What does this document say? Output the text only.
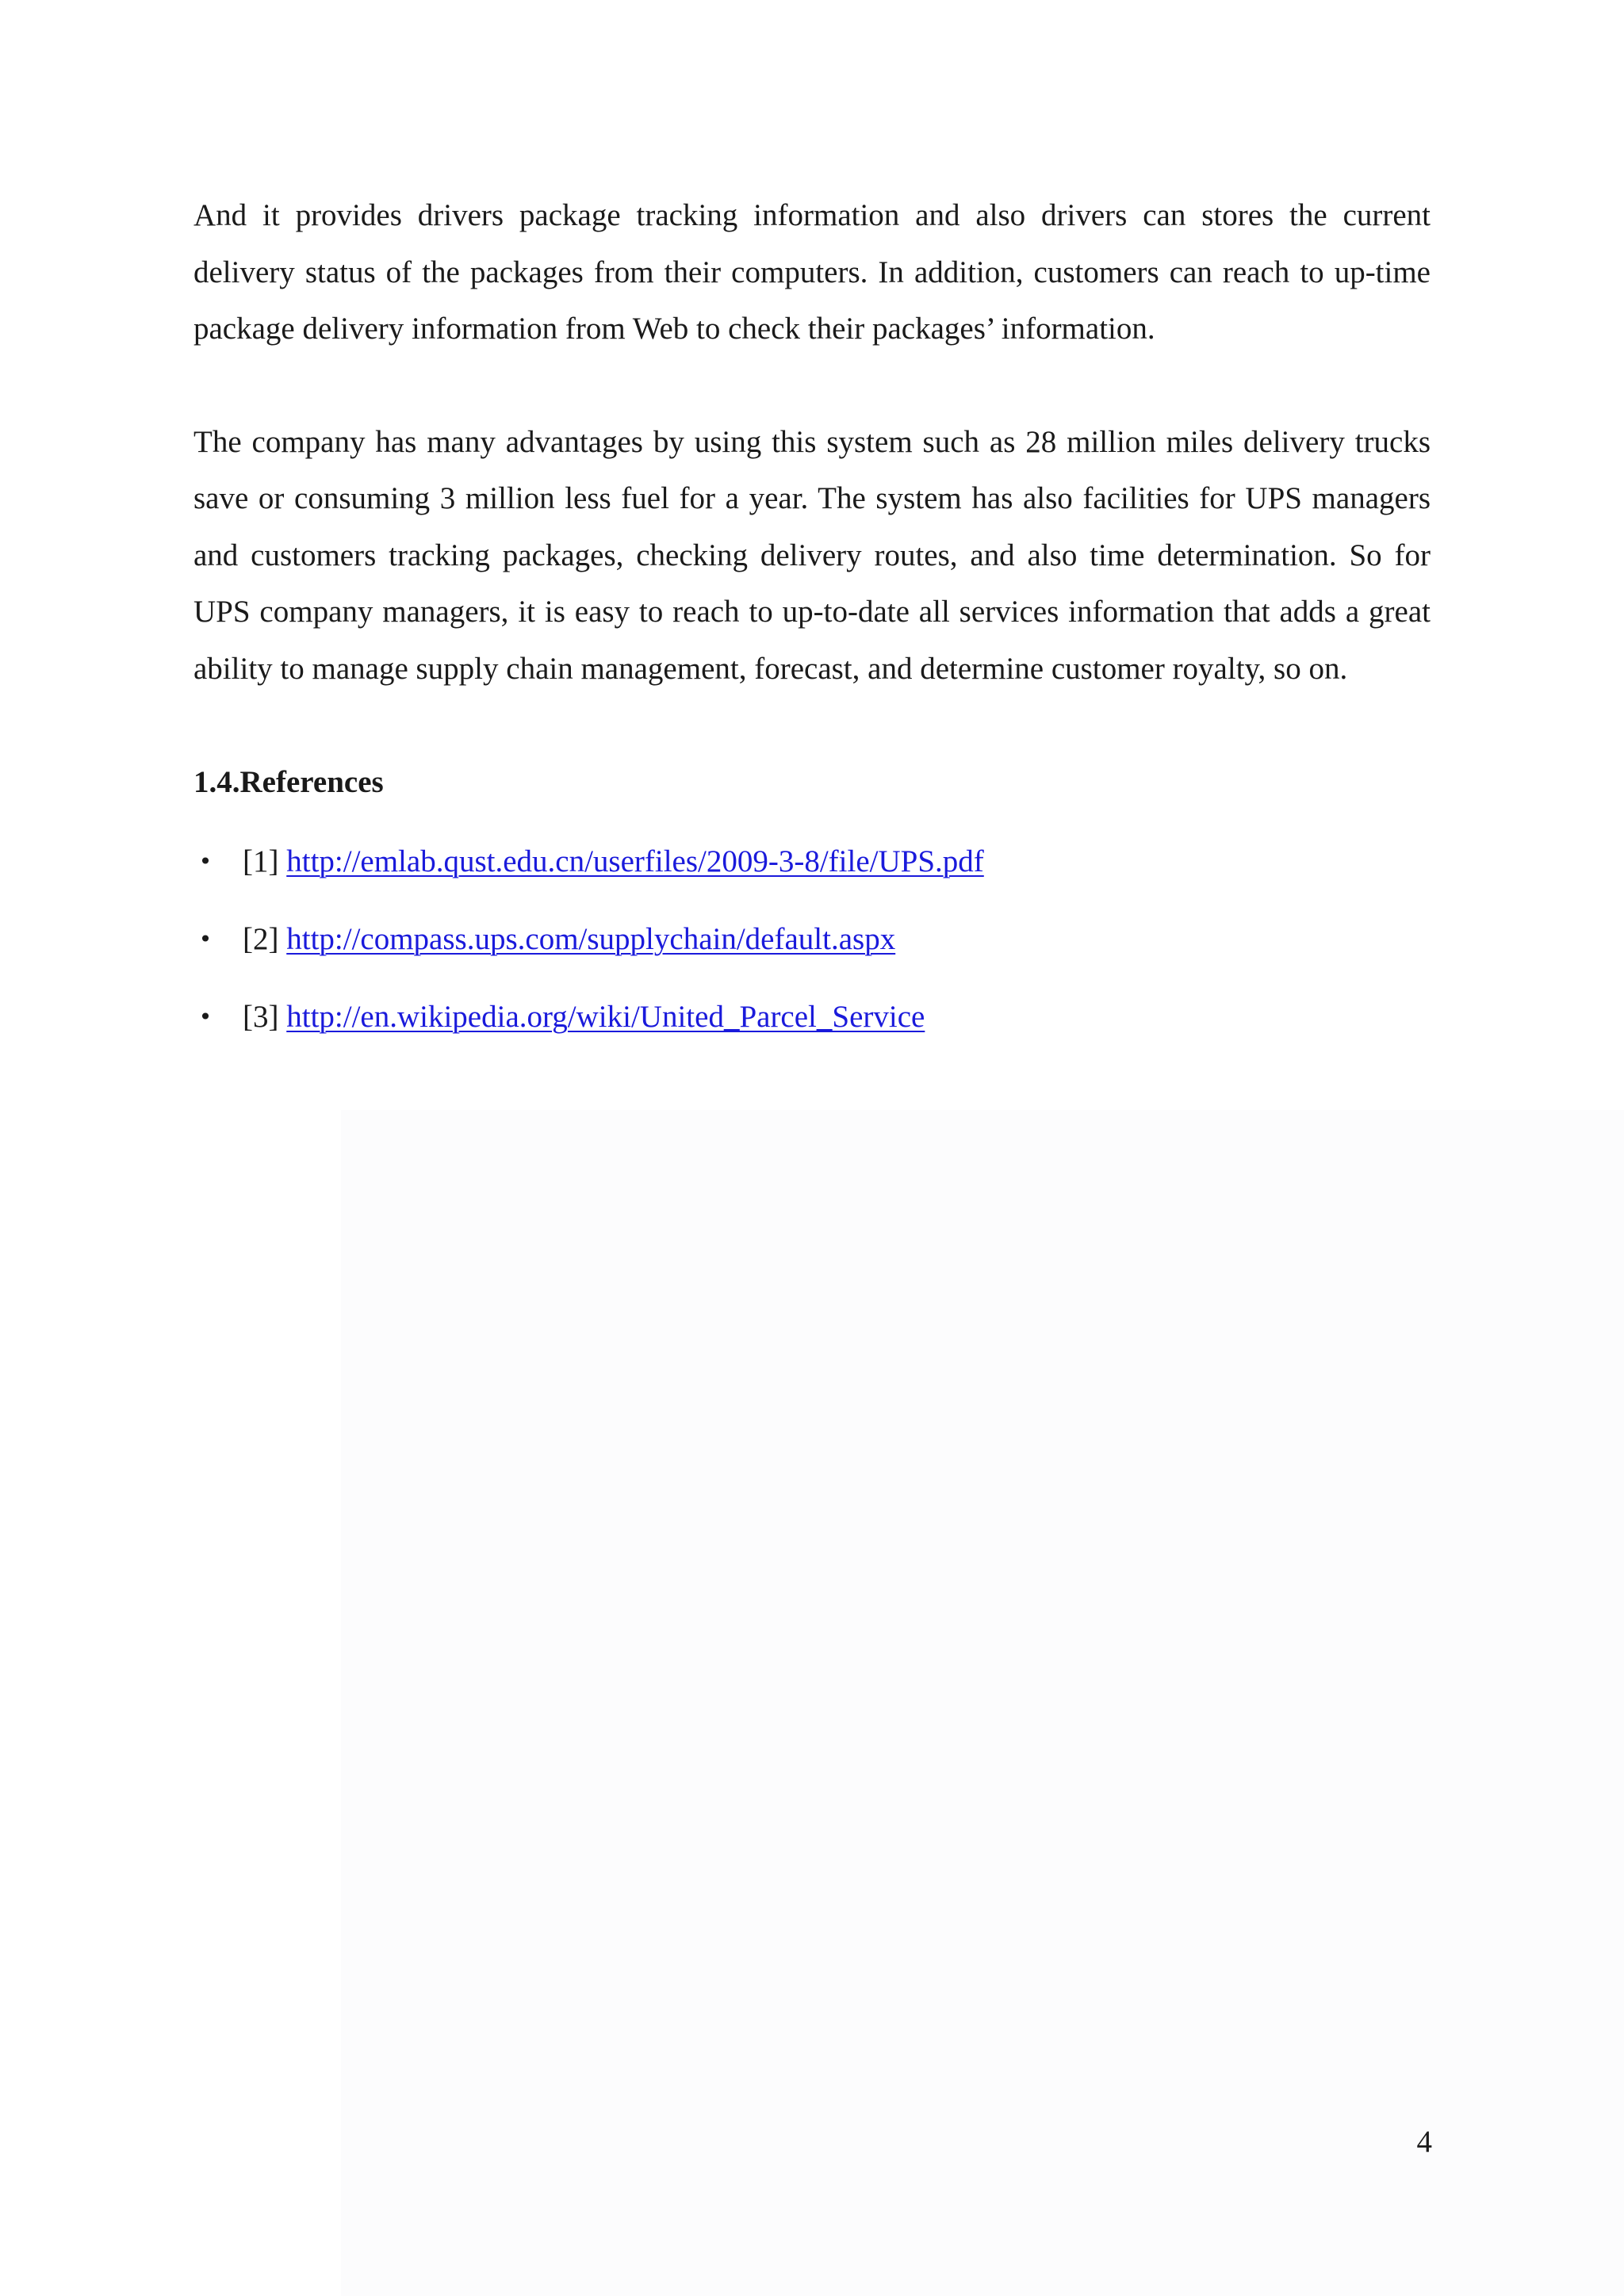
And it provides drivers package tracking information and also drivers can stores the current delivery status of the packages from their computers. In addition, customers can reach to up-time package delivery information from Web to check their packages’ information.

The company has many advantages by using this system such as 28 million miles delivery trucks save or consuming 3 million less fuel for a year. The system has also facilities for UPS managers and customers tracking packages, checking delivery routes, and also time determination. So for UPS company managers, it is easy to reach to up-to-date all services information that adds a great ability to manage supply chain management, forecast, and determine customer royalty, so on.

1.4.References
• [1] http://emlab.qust.edu.cn/userfiles/2009-3-8/file/UPS.pdf
• [2] http://compass.ups.com/supplychain/default.aspx
• [3] http://en.wikipedia.org/wiki/United_Parcel_Service
4
